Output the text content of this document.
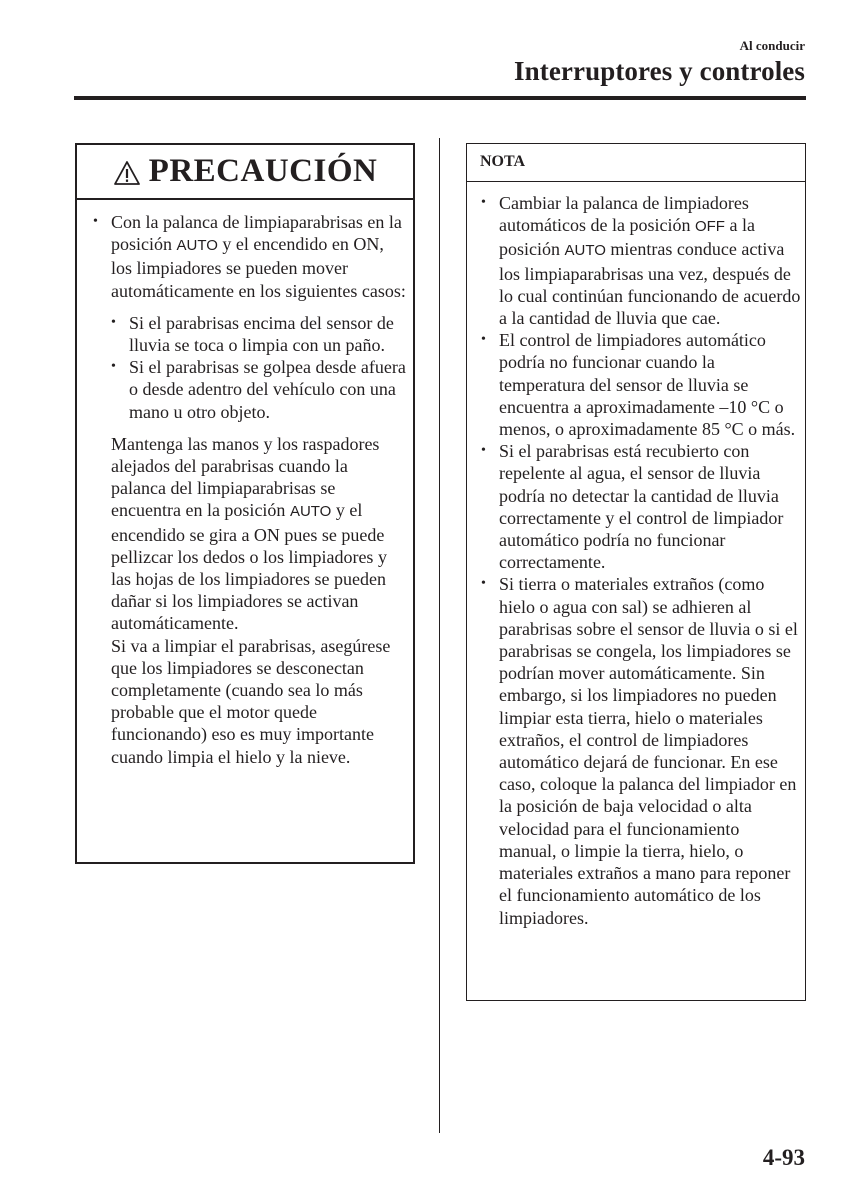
Al conducir
Interruptores y controles
PRECAUCIÓN
• Con la palanca de limpiaparabrisas en la posición AUTO y el encendido en ON, los limpiadores se pueden mover automáticamente en los siguientes casos:
• Si el parabrisas encima del sensor de lluvia se toca o limpia con un paño.
• Si el parabrisas se golpea desde afuera o desde adentro del vehículo con una mano u otro objeto.
Mantenga las manos y los raspadores alejados del parabrisas cuando la palanca del limpiaparabrisas se encuentra en la posición AUTO y el encendido se gira a ON pues se puede pellizcar los dedos o los limpiadores y las hojas de los limpiadores se pueden dañar si los limpiadores se activan automáticamente.
Si va a limpiar el parabrisas, asegúrese que los limpiadores se desconectan completamente (cuando sea lo más probable que el motor quede funcionando) eso es muy importante cuando limpia el hielo y la nieve.
NOTA
• Cambiar la palanca de limpiadores automáticos de la posición OFF a la posición AUTO mientras conduce activa los limpiaparabrisas una vez, después de lo cual continúan funcionando de acuerdo a la cantidad de lluvia que cae.
• El control de limpiadores automático podría no funcionar cuando la temperatura del sensor de lluvia se encuentra a aproximadamente –10 °C o menos, o aproximadamente 85 °C o más.
• Si el parabrisas está recubierto con repelente al agua, el sensor de lluvia podría no detectar la cantidad de lluvia correctamente y el control de limpiador automático podría no funcionar correctamente.
• Si tierra o materiales extraños (como hielo o agua con sal) se adhieren al parabrisas sobre el sensor de lluvia o si el parabrisas se congela, los limpiadores se podrían mover automáticamente. Sin embargo, si los limpiadores no pueden limpiar esta tierra, hielo o materiales extraños, el control de limpiadores automático dejará de funcionar. En ese caso, coloque la palanca del limpiador en la posición de baja velocidad o alta velocidad para el funcionamiento manual, o limpie la tierra, hielo, o materiales extraños a mano para reponer el funcionamiento automático de los limpiadores.
4-93
